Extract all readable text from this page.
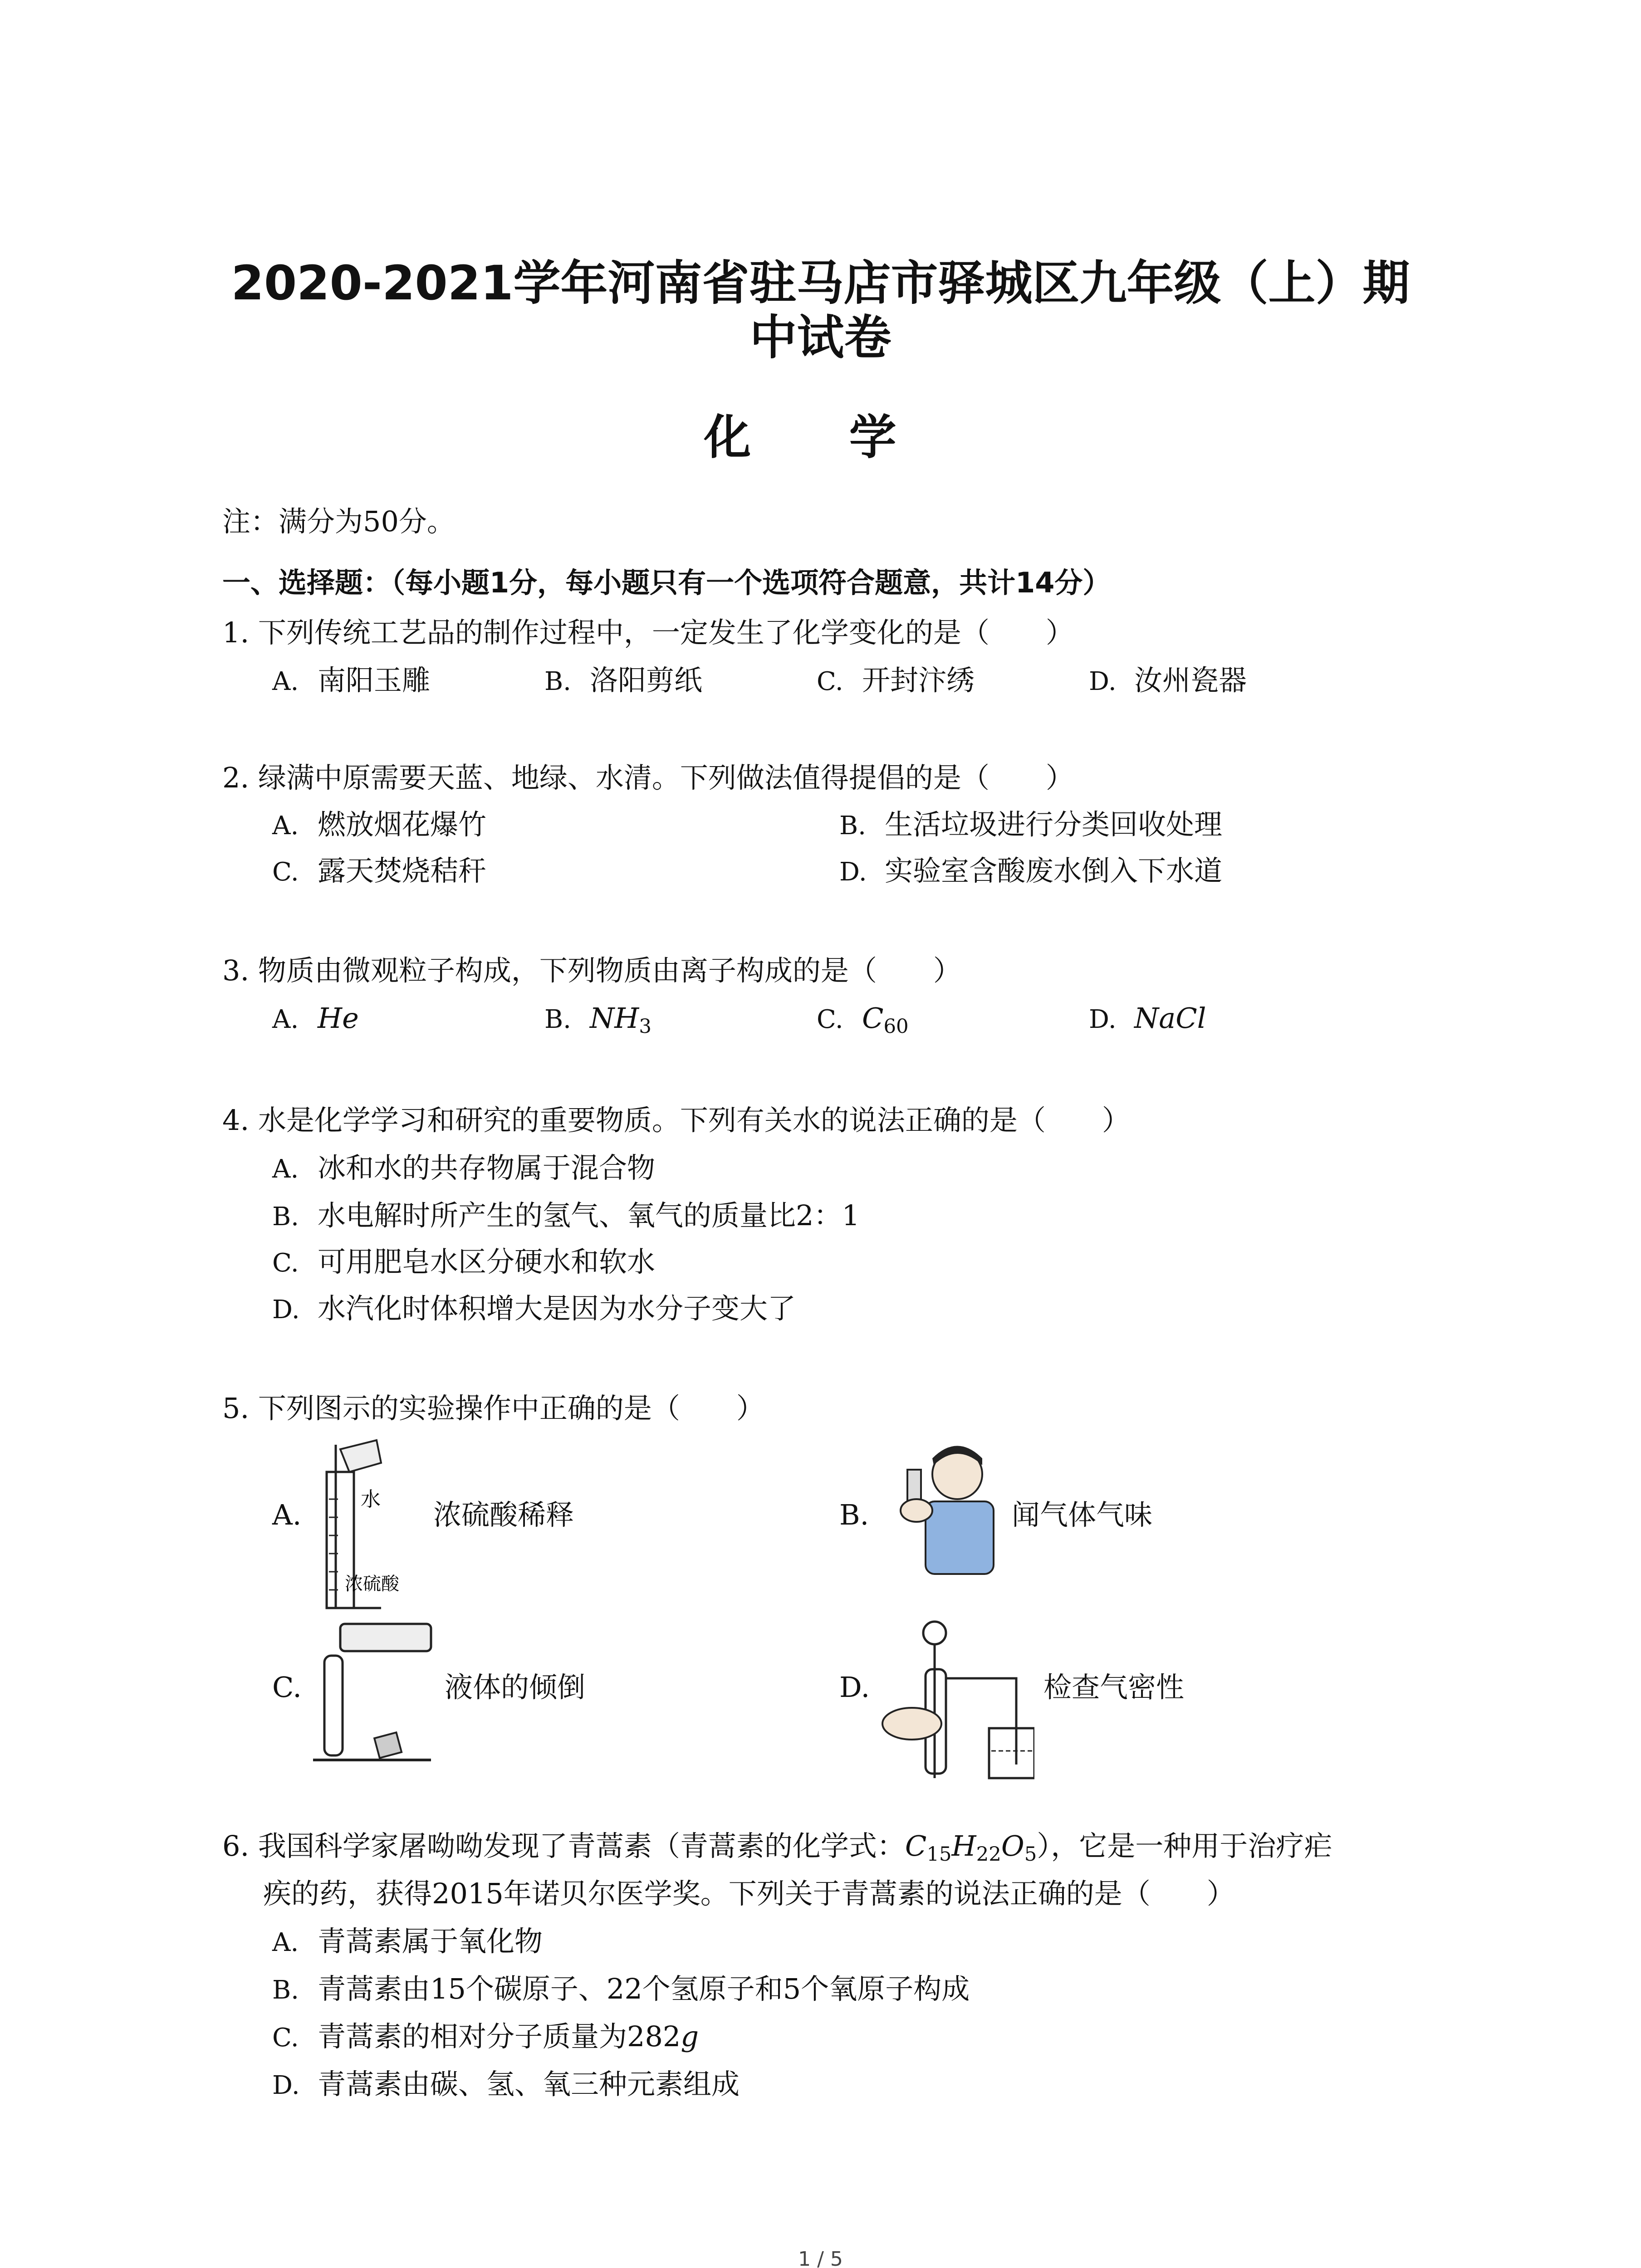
2020-2021学年河南省驻马店市驿城区九年级（上）期
中试卷
化 学
注：满分为50分。
一、选择题：（每小题1分，每小题只有一个选项符合题意，共计14分）
1. 下列传统工艺品的制作过程中，一定发生了化学变化的是（　　）
A. 南阳玉雕	B. 洛阳剪纸	C. 开封汴绣	D. 汝州瓷器
2. 绿满中原需要天蓝、地绿、水清。下列做法值得提倡的是（　　）
A. 燃放烟花爆竹	B. 生活垃圾进行分类回收处理
C. 露天焚烧秸秆	D. 实验室含酸废水倒入下水道
3. 物质由微观粒子构成，下列物质由离子构成的是（　　）
A. He	B. $NH_3$	C. $C_{60}$	D. NaCl
4. 水是化学学习和研究的重要物质。下列有关水的说法正确的是（　　）
A. 冰和水的共存物属于混合物
B. 水电解时所产生的氢气、氧气的质量比2：1
C. 可用肥皂水区分硬水和软水
D. 水汽化时体积增大是因为水分子变大了
5. 下列图示的实验操作中正确的是（　　）
A.	水
浓硫酸
浓硫酸稀释	B.	闻气体气味
C.	液体的倾倒	D.	检查气密性
6. 我国科学家屠呦呦发现了青蒿素（青蒿素的化学式：$C_{15}H_{22}O_5$），它是一种用于治疗疟
疾的药，获得2015年诺贝尔医学奖。下列关于青蒿素的说法正确的是（　　）
A. 青蒿素属于氧化物
B. 青蒿素由15个碳原子、22个氢原子和5个氧原子构成
C. 青蒿素的相对分子质量为282g
D. 青蒿素由碳、氢、氧三种元素组成
1 / 5
